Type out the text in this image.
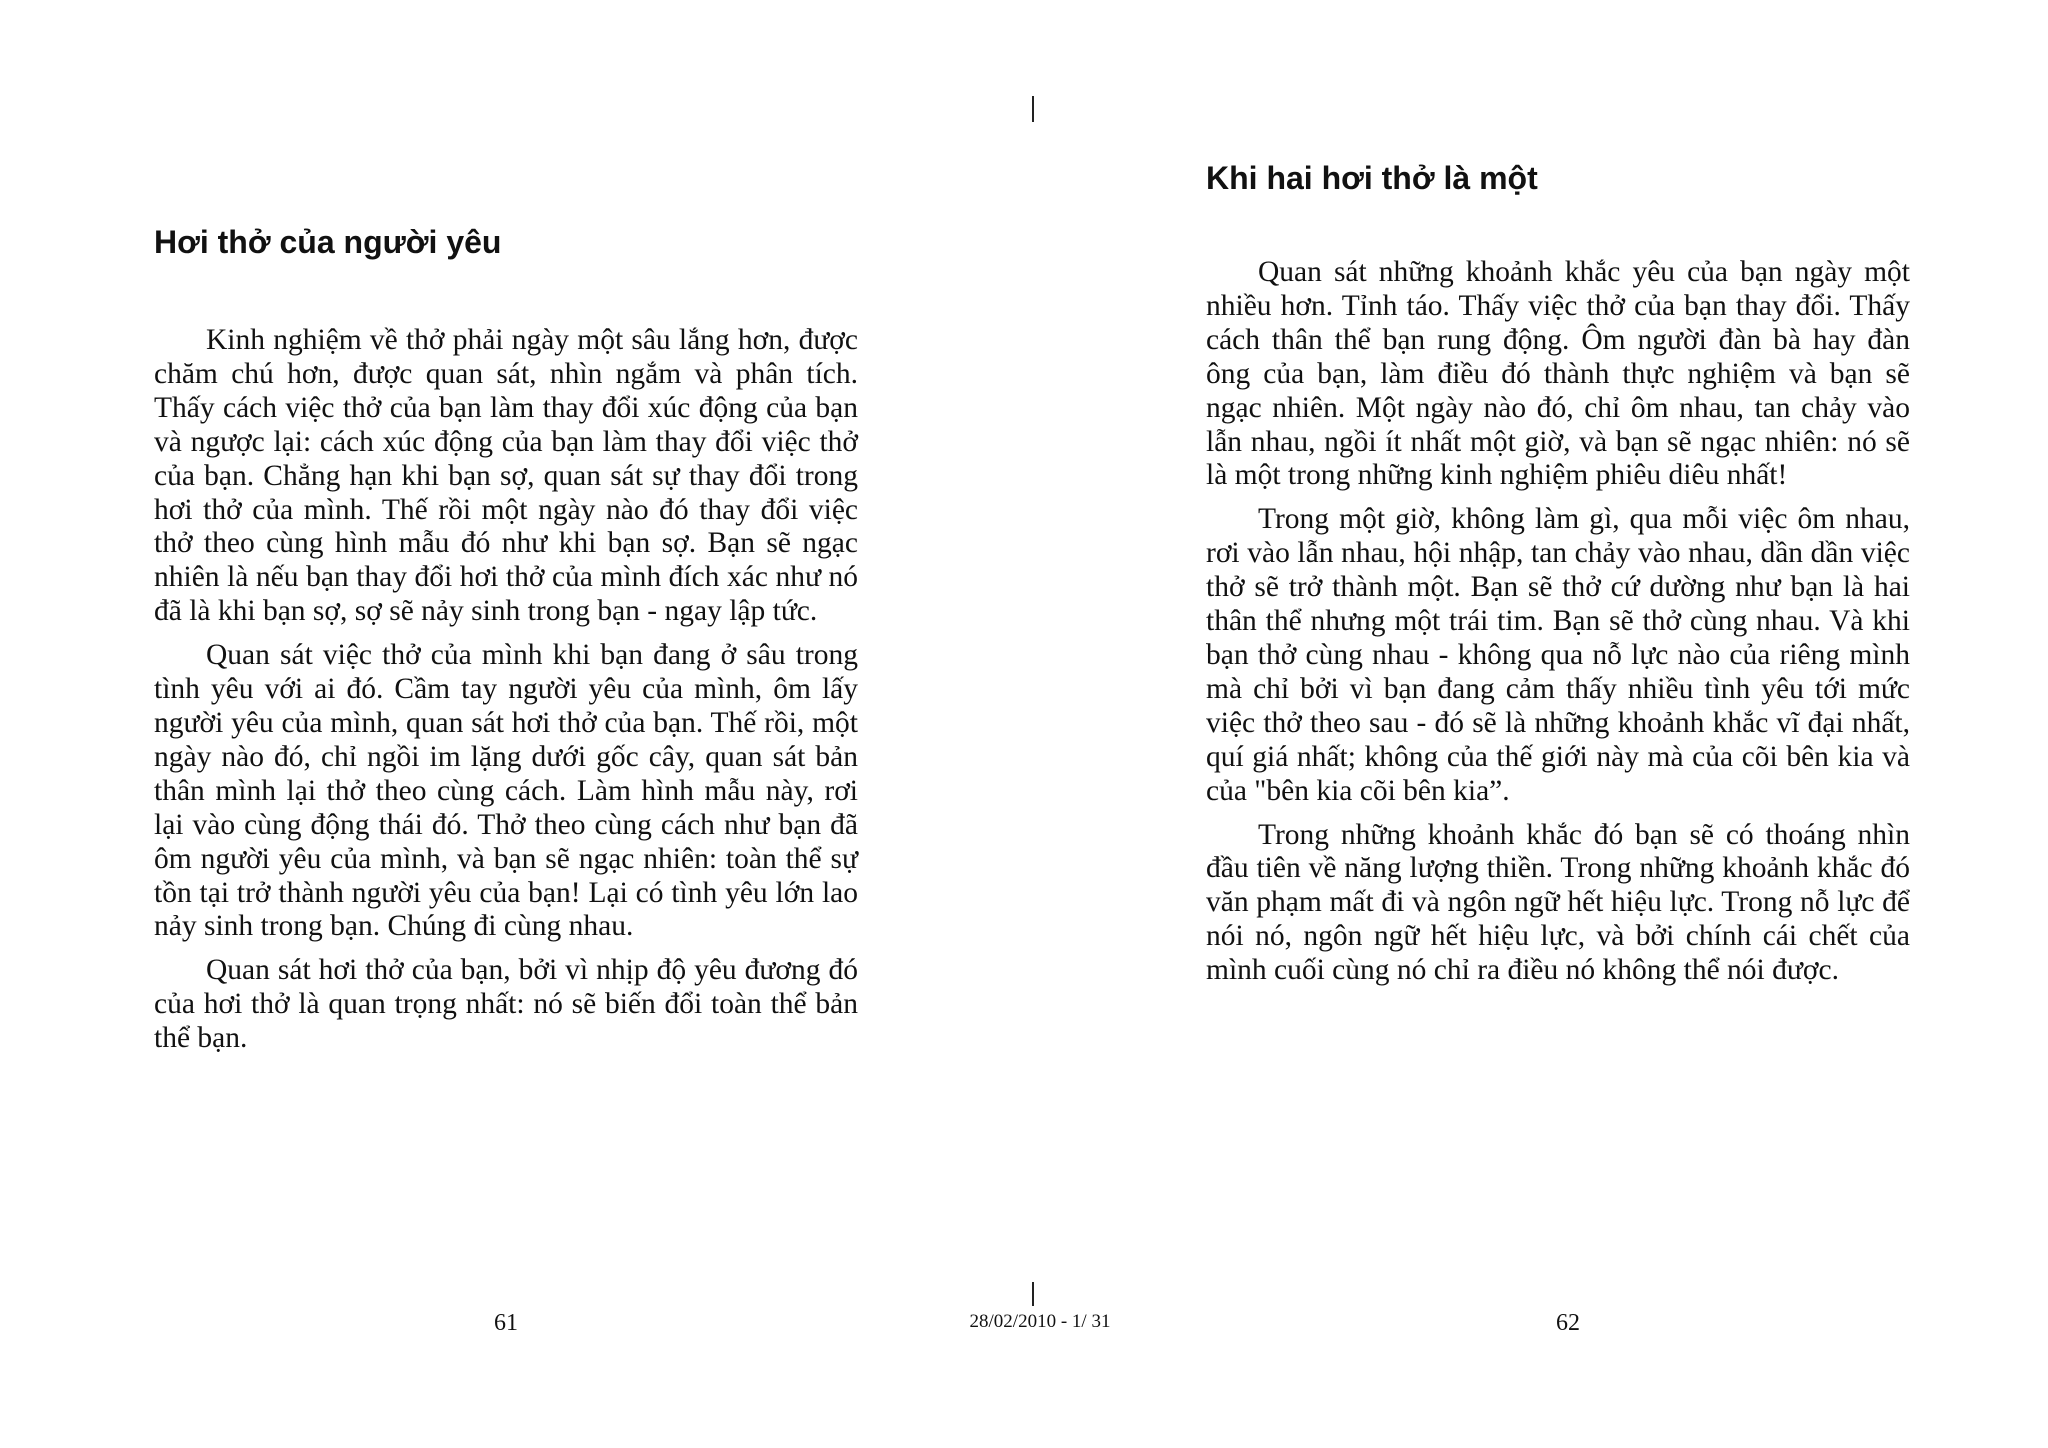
Hơi thở của người yêu

Kinh nghiệm về thở phải ngày một sâu lắng hơn, được chăm chú hơn, được quan sát, nhìn ngắm và phân tích. Thấy cách việc thở của bạn làm thay đổi xúc động của bạn và ngược lại: cách xúc động của bạn làm thay đổi việc thở của bạn. Chẳng hạn khi bạn sợ, quan sát sự thay đổi trong hơi thở của mình. Thế rồi một ngày nào đó thay đổi việc thở theo cùng hình mẫu đó như khi bạn sợ. Bạn sẽ ngạc nhiên là nếu bạn thay đổi hơi thở của mình đích xác như nó đã là khi bạn sợ, sợ sẽ nảy sinh trong bạn - ngay lập tức.

Quan sát việc thở của mình khi bạn đang ở sâu trong tình yêu với ai đó. Cầm tay người yêu của mình, ôm lấy người yêu của mình, quan sát hơi thở của bạn. Thế rồi, một ngày nào đó, chỉ ngồi im lặng dưới gốc cây, quan sát bản thân mình lại thở theo cùng cách. Làm hình mẫu này, rơi lại vào cùng động thái đó. Thở theo cùng cách như bạn đã ôm người yêu của mình, và bạn sẽ ngạc nhiên: toàn thể sự tồn tại trở thành người yêu của bạn! Lại có tình yêu lớn lao nảy sinh trong bạn. Chúng đi cùng nhau.

Quan sát hơi thở của bạn, bởi vì nhịp độ yêu đương đó của hơi thở là quan trọng nhất: nó sẽ biến đổi toàn thể bản thể bạn.

Khi hai hơi thở là một

Quan sát những khoảnh khắc yêu của bạn ngày một nhiều hơn. Tỉnh táo. Thấy việc thở của bạn thay đổi. Thấy cách thân thể bạn rung động. Ôm người đàn bà hay đàn ông của bạn, làm điều đó thành thực nghiệm và bạn sẽ ngạc nhiên. Một ngày nào đó, chỉ ôm nhau, tan chảy vào lẫn nhau, ngồi ít nhất một giờ, và bạn sẽ ngạc nhiên: nó sẽ là một trong những kinh nghiệm phiêu diêu nhất!

Trong một giờ, không làm gì, qua mỗi việc ôm nhau, rơi vào lẫn nhau, hội nhập, tan chảy vào nhau, dần dần việc thở sẽ trở thành một. Bạn sẽ thở cứ dường như bạn là hai thân thể nhưng một trái tim. Bạn sẽ thở cùng nhau. Và khi bạn thở cùng nhau - không qua nỗ lực nào của riêng mình mà chỉ bởi vì bạn đang cảm thấy nhiều tình yêu tới mức việc thở theo sau - đó sẽ là những khoảnh khắc vĩ đại nhất, quí giá nhất; không của thế giới này mà của cõi bên kia và của "bên kia cõi bên kia”.

Trong những khoảnh khắc đó bạn sẽ có thoáng nhìn đầu tiên về năng lượng thiền. Trong những khoảnh khắc đó văn phạm mất đi và ngôn ngữ hết hiệu lực. Trong nỗ lực để nói nó, ngôn ngữ hết hiệu lực, và bởi chính cái chết của mình cuối cùng nó chỉ ra điều nó không thể nói được.

61	28/02/2010 - 1/ 31	62
